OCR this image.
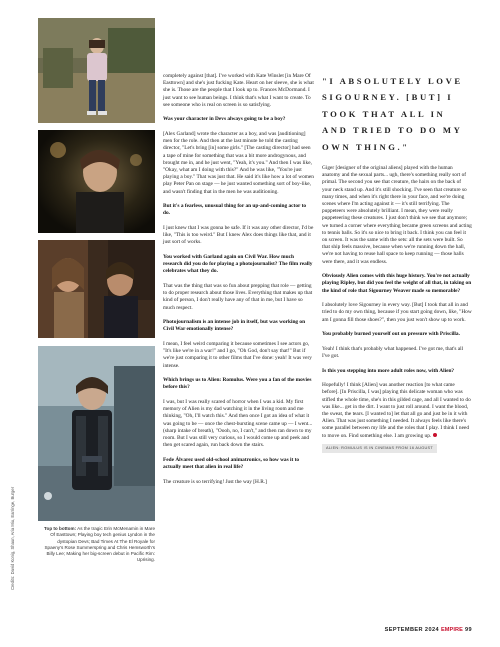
Top to bottom: As the tragic Erin McMenamin in Mare Of Easttown; Playing boy tech genius Lyndon in the dystopian Devs; Bad Times At The El Royale for Spaeny's Rose Summerspring and Chris Hemsworth's Billy Lee; Making her big-screen debut in Pacific Rim: Uprising.
Credits: David Konig, Shaun, Aria Miu, Earringe, Burger

completely against [that]. I've worked with Kate Winslet [in Mare Of Easttown] and she's just fucking Kate. Heart on her sleeve, she is what she is. Those are the people that I look up to. Frances McDormand. I just want to see human beings. I think that's what I want to create. To see someone who is real on screen is so satisfying.

Was your character in Devs always going to be a boy?

[Alex Garland] wrote the character as a boy, and was [auditioning] men for the role. And then at the last minute he told the casting director, "Let's bring [in] some girls." [The casting director] had seen a tape of mine for something that was a bit more androgynous, and brought me in, and he just went, "Yeah, it's you." And then I was like, "Okay, what am I doing with this?" And he was like, "You're just playing a boy." That was just that. He said it's like how a lot of women play Peter Pan on stage — he just wanted something sort of boy-like, and wasn't finding that in the men he was auditioning.

But it's a fearless, unusual thing for an up-and-coming actor to do.

I just knew that I was gonna be safe. If it was any other director, I'd be like, "This is too weird." But I knew Alex does things like that, and it just sort of works.

You worked with Garland again on Civil War. How much research did you do for playing a photojournalist? The film really celebrates what they do.

That was the thing that was so fun about prepping that role — getting to do proper research about those lives. Everything that makes up that kind of person, I don't really have any of that in me, but I have so much respect.

Photojournalism is an intense job in itself, but was working on Civil War emotionally intense?

I mean, I feel weird comparing it because sometimes I see actors go, "It's like we're in a war!" and I go, "Oh God, don't say that!" But if we're just comparing it to other films that I've done: yeah! It was very intense.

Which brings us to Alien: Romulus. Were you a fan of the movies before this?

I was, but I was really scared of horror when I was a kid. My first memory of Alien is my dad watching it in the living room and me thinking, "Oh, I'll watch this." And then once I got an idea of what it was going to be — once the chest-bursting scene came up — I went... (sharp intake of breath), "Oooh, no, I can't," and then ran down to my room. But I was still very curious, so I would come up and peek and then get scared again, run back down the stairs.

Fede Álvarez used old-school animatronics, so how was it to actually meet that alien in real life?

The creature is so terrifying! Just the way [H.R.]

"I ABSOLUTELY LOVE SIGOURNEY. [BUT] I TOOK THAT ALL IN AND TRIED TO DO MY OWN THING."

Giger [designer of the original aliens] played with the human anatomy and the sexual parts... ugh, there's something really sort of primal. The second you see that creature, the hairs on the back of your neck stand up. And it's still shocking. I've seen that creature so many times, and when it's right there in your face, and we're doing scenes where I'm acting against it — it's still terrifying. The puppeteers were absolutely brilliant. I mean, they were really puppeteering these creatures. I just don't think we see that anymore; we turned a corner where everything became green screens and acting to tennis balls. So it's so nice to bring it back. I think you can feel it on screen. It was the same with the sets: all the sets were built. So that ship feels massive, because when we're running down the hall, we're not having to reuse hall space to keep running — those halls were there, and it was endless.

Obviously Alien comes with this huge history. You're not actually playing Ripley, but did you feel the weight of all that, in taking on the kind of role that Sigourney Weaver made so memorable?

I absolutely love Sigourney in every way. [But] I took that all in and tried to do my own thing, because if you start going down, like, "How am I gonna fill those shoes?", then you just won't show up to work.

You probably burned yourself out on pressure with Priscilla.

Yeah! I think that's probably what happened. I've got me, that's all I've got.

Is this you stepping into more adult roles now, with Alien?

Hopefully! I think [Alien] was another reaction [to what came before]. [In Priscilla, I was] playing this delicate woman who was stifled the whole time, she's in this gilded cage, and all I wanted to do was like... get in the dirt. I want to just roll around. I want the blood, the sweat, the tears. [I wanted to] let that all go and just be in it with Alien. That was just something I needed. It always feels like there's some parallel between my life and the roles that I play. I think I need to move on. Find something else. I am growing up.

ALIEN: ROMULUS IS IN CINEMAS FROM 16 AUGUST
SEPTEMBER 2024 EMPIRE 99
